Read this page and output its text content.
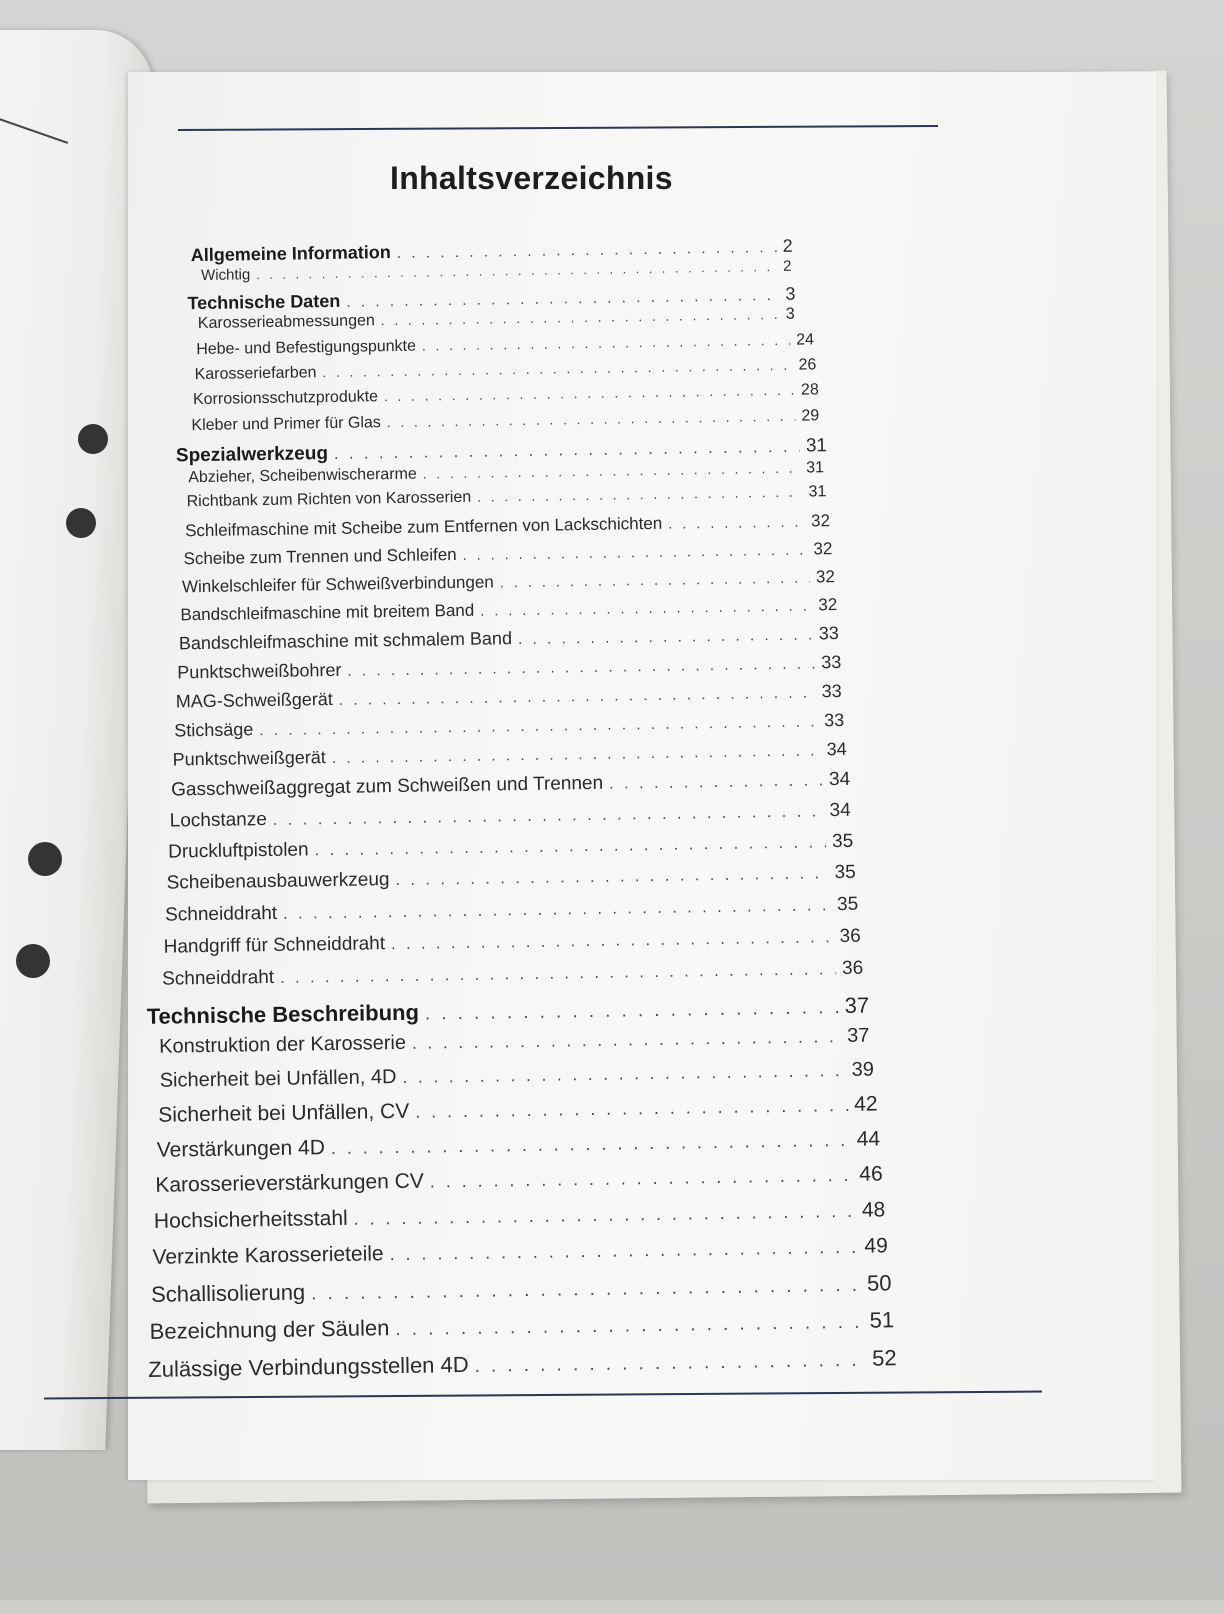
Inhaltsverzeichnis
Allgemeine Information . . .	2
Wichtig . . .	2
Technische Daten . . .	3
Karosserieabmessungen . . .	3
Hebe- und Befestigungspunkte . . .	24
Karosseriefarben . . .	26
Korrosionsschutzprodukte . . .	28
Kleber und Primer für Glas . . .	29
Spezialwerkzeug . . .	31
Abzieher, Scheibenwischerarme . . .	31
Richtbank zum Richten von Karosserien . . .	31
Schleifmaschine mit Scheibe zum Entfernen von Lackschichten . . .	32
Scheibe zum Trennen und Schleifen . . .	32
Winkelschleifer für Schweißverbindungen . . .	32
Bandschleifmaschine mit breitem Band . . .	32
Bandschleifmaschine mit schmalem Band . . .	33
Punktschweißbohrer . . .	33
MAG-Schweißgerät . . .	33
Stichsäge . . .	33
Punktschweißgerät . . .	34
Gasschweißaggregat zum Schweißen und Trennen . . .	34
Lochstanze . . .	34
Druckluftpistolen . . .	35
Scheibenausbauwerkzeug . . .	35
Schneiddraht . . .	35
Handgriff für Schneiddraht . . .	36
Schneiddraht . . .	36
Technische Beschreibung . . .	37
Konstruktion der Karosserie . . .	37
Sicherheit bei Unfällen, 4D . . .	39
Sicherheit bei Unfällen, CV . . .	42
Verstärkungen 4D . . .	44
Karosserieverstärkungen CV . . .	46
Hochsicherheitsstahl . . .	48
Verzinkte Karosserieteile . . .	49
Schallisolierung . . .	50
Bezeichnung der Säulen . . .	51
Zulässige Verbindungsstellen 4D . . .	52
